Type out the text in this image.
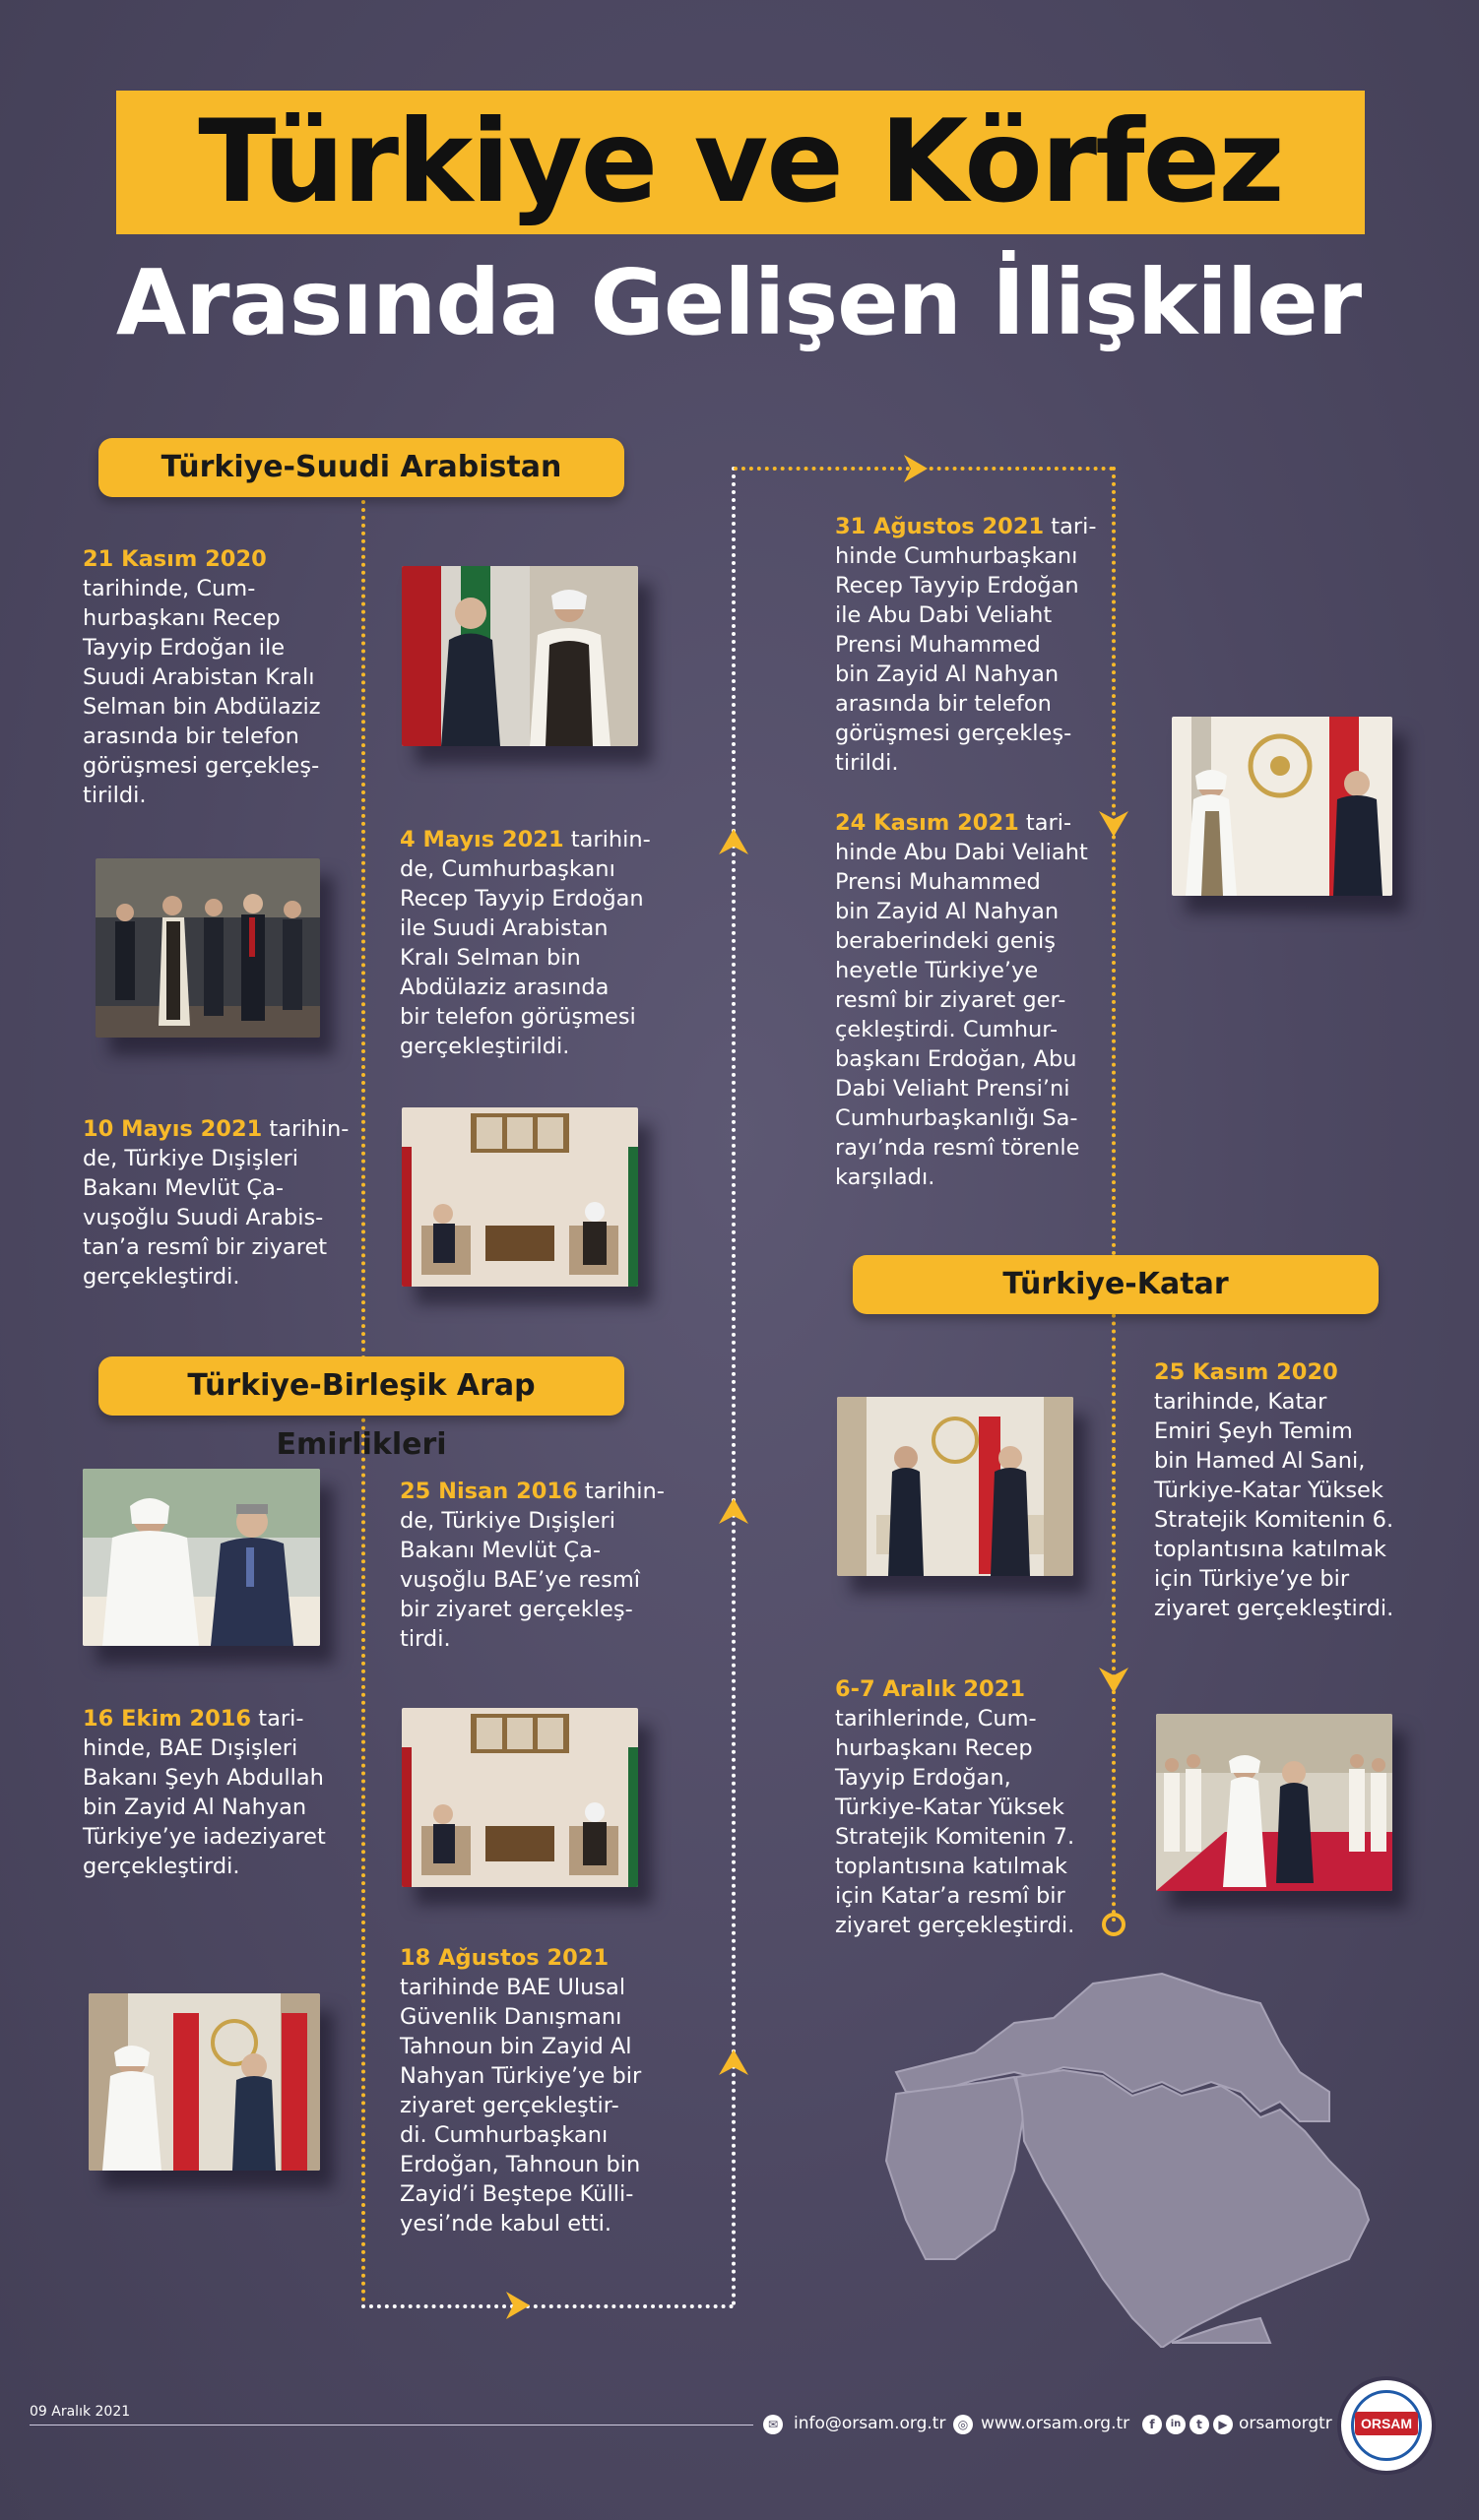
Türkiye ve Körfez
Arasında Gelişen İlişkiler
Türkiye-Suudi Arabistan
Türkiye-Birleşik Arap Emirlikleri
Türkiye-Katar
21 Kasım 2020
tarihinde, Cum-
hurbaşkanı Recep
Tayyip Erdoğan ile
Suudi Arabistan Kralı
Selman bin Abdülaziz
arasında bir telefon
görüşmesi gerçekleş-
tirildi.
4 Mayıs 2021 tarihin-
de, Cumhurbaşkanı
Recep Tayyip Erdoğan
ile Suudi Arabistan
Kralı Selman bin
Abdülaziz arasında
bir telefon görüşmesi
gerçekleştirildi.
10 Mayıs 2021 tarihin-
de, Türkiye Dışişleri
Bakanı Mevlüt Ça-
vuşoğlu Suudi Arabis-
tan’a resmî bir ziyaret
gerçekleştirdi.
25 Nisan 2016 tarihin-
de, Türkiye Dışişleri
Bakanı Mevlüt Ça-
vuşoğlu BAE’ye resmî
bir ziyaret gerçekleş-
tirdi.
16 Ekim 2016 tari-
hinde, BAE Dışişleri
Bakanı Şeyh Abdullah
bin Zayid Al Nahyan
Türkiye’ye iadeziyaret
gerçekleştirdi.
18 Ağustos 2021
tarihinde BAE Ulusal
Güvenlik Danışmanı
Tahnoun bin Zayid Al
Nahyan Türkiye’ye bir
ziyaret gerçekleştir-
di. Cumhurbaşkanı
Erdoğan, Tahnoun bin
Zayid’i Beştepe Külli-
yesi’nde kabul etti.
31 Ağustos 2021 tari-
hinde Cumhurbaşkanı
Recep Tayyip Erdoğan
ile Abu Dabi Veliaht
Prensi Muhammed
bin Zayid Al Nahyan
arasında bir telefon
görüşmesi gerçekleş-
tirildi.
24 Kasım 2021 tari-
hinde Abu Dabi Veliaht
Prensi Muhammed
bin Zayid Al Nahyan
beraberindeki geniş
heyetle Türkiye’ye
resmî bir ziyaret ger-
çekleştirdi. Cumhur-
başkanı Erdoğan, Abu
Dabi Veliaht Prensi’ni
Cumhurbaşkanlığı Sa-
rayı’nda resmî törenle
karşıladı.
25 Kasım 2020
tarihinde, Katar
Emiri Şeyh Temim
bin Hamed Al Sani,
Türkiye-Katar Yüksek
Stratejik Komitenin 6.
toplantısına katılmak
için Türkiye’ye bir
ziyaret gerçekleştirdi.
6-7 Aralık 2021
tarihlerinde, Cum-
hurbaşkanı Recep
Tayyip Erdoğan,
Türkiye-Katar Yüksek
Stratejik Komitenin 7.
toplantısına katılmak
için Katar’a resmî bir
ziyaret gerçekleştirdi.
09 Aralık 2021
✉ info@orsam.org.tr	◎ www.orsam.org.tr	f	in	t	▶ orsamorgtr	ORSAM
